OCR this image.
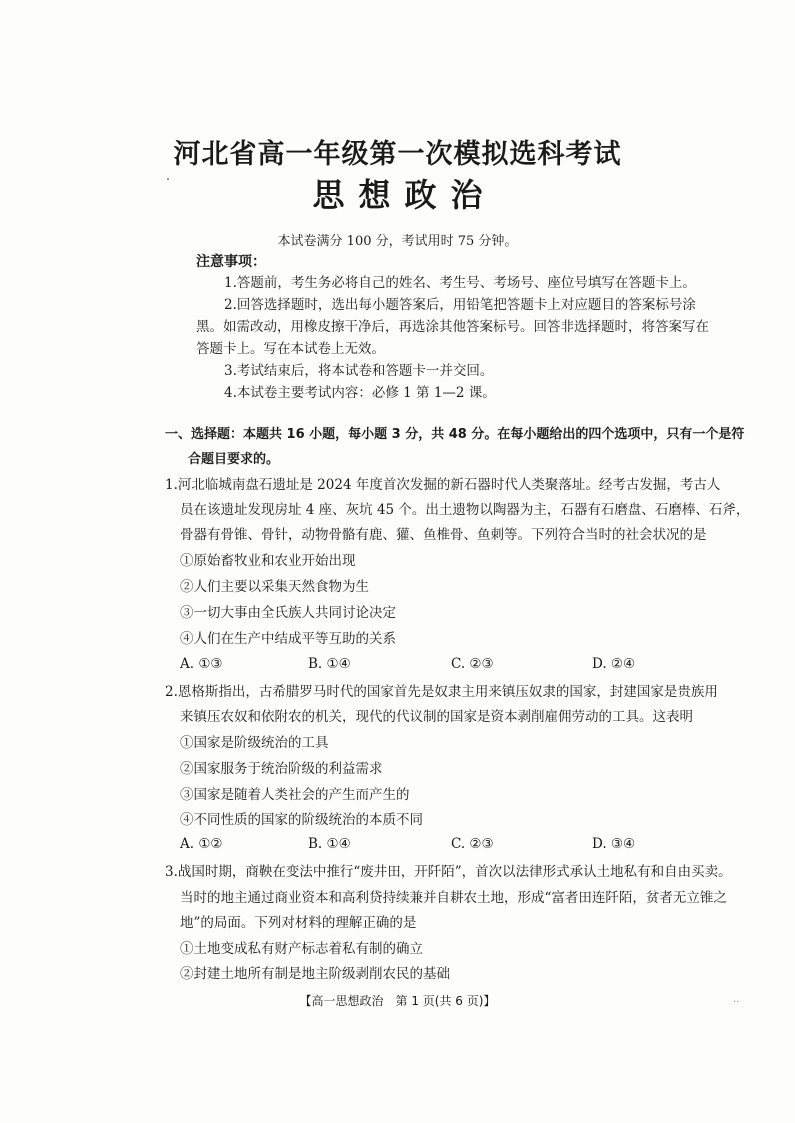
河北省高一年级第一次模拟选科考试
思想政治
本试卷满分 100 分，考试用时 75 分钟。
注意事项：
1.答题前，考生务必将自己的姓名、考生号、考场号、座位号填写在答题卡上。
2.回答选择题时，选出每小题答案后，用铅笔把答题卡上对应题目的答案标号涂
黑。如需改动，用橡皮擦干净后，再选涂其他答案标号。回答非选择题时，将答案写在
答题卡上。写在本试卷上无效。
3.考试结束后，将本试卷和答题卡一并交回。
4.本试卷主要考试内容：必修 1 第 1—2 课。
一、选择题：本题共 16 小题，每小题 3 分，共 48 分。在每小题给出的四个选项中，只有一个是符
合题目要求的。
1.河北临城南盘石遗址是 2024 年度首次发掘的新石器时代人类聚落址。经考古发掘，考古人
员在该遗址发现房址 4 座、灰坑 45 个。出土遗物以陶器为主，石器有石磨盘、石磨棒、石斧，
骨器有骨锥、骨针，动物骨骼有鹿、獾、鱼椎骨、鱼刺等。下列符合当时的社会状况的是
①原始畜牧业和农业开始出现
②人们主要以采集天然食物为生
③一切大事由全氏族人共同讨论决定
④人们在生产中结成平等互助的关系
A. ①③	B. ①④	C. ②③	D. ②④
2.恩格斯指出，古希腊罗马时代的国家首先是奴隶主用来镇压奴隶的国家，封建国家是贵族用
来镇压农奴和依附农的机关，现代的代议制的国家是资本剥削雇佣劳动的工具。这表明
①国家是阶级统治的工具
②国家服务于统治阶级的利益需求
③国家是随着人类社会的产生而产生的
④不同性质的国家的阶级统治的本质不同
A. ①②	B. ①④	C. ②③	D. ③④
3.战国时期，商鞅在变法中推行“废井田，开阡陌”，首次以法律形式承认土地私有和自由买卖。
当时的地主通过商业资本和高利贷持续兼并自耕农土地，形成“富者田连阡陌，贫者无立锥之
地”的局面。下列对材料的理解正确的是
①土地变成私有财产标志着私有制的确立
②封建土地所有制是地主阶级剥削农民的基础
【高一思想政治　第 1 页(共 6 页)】	..
